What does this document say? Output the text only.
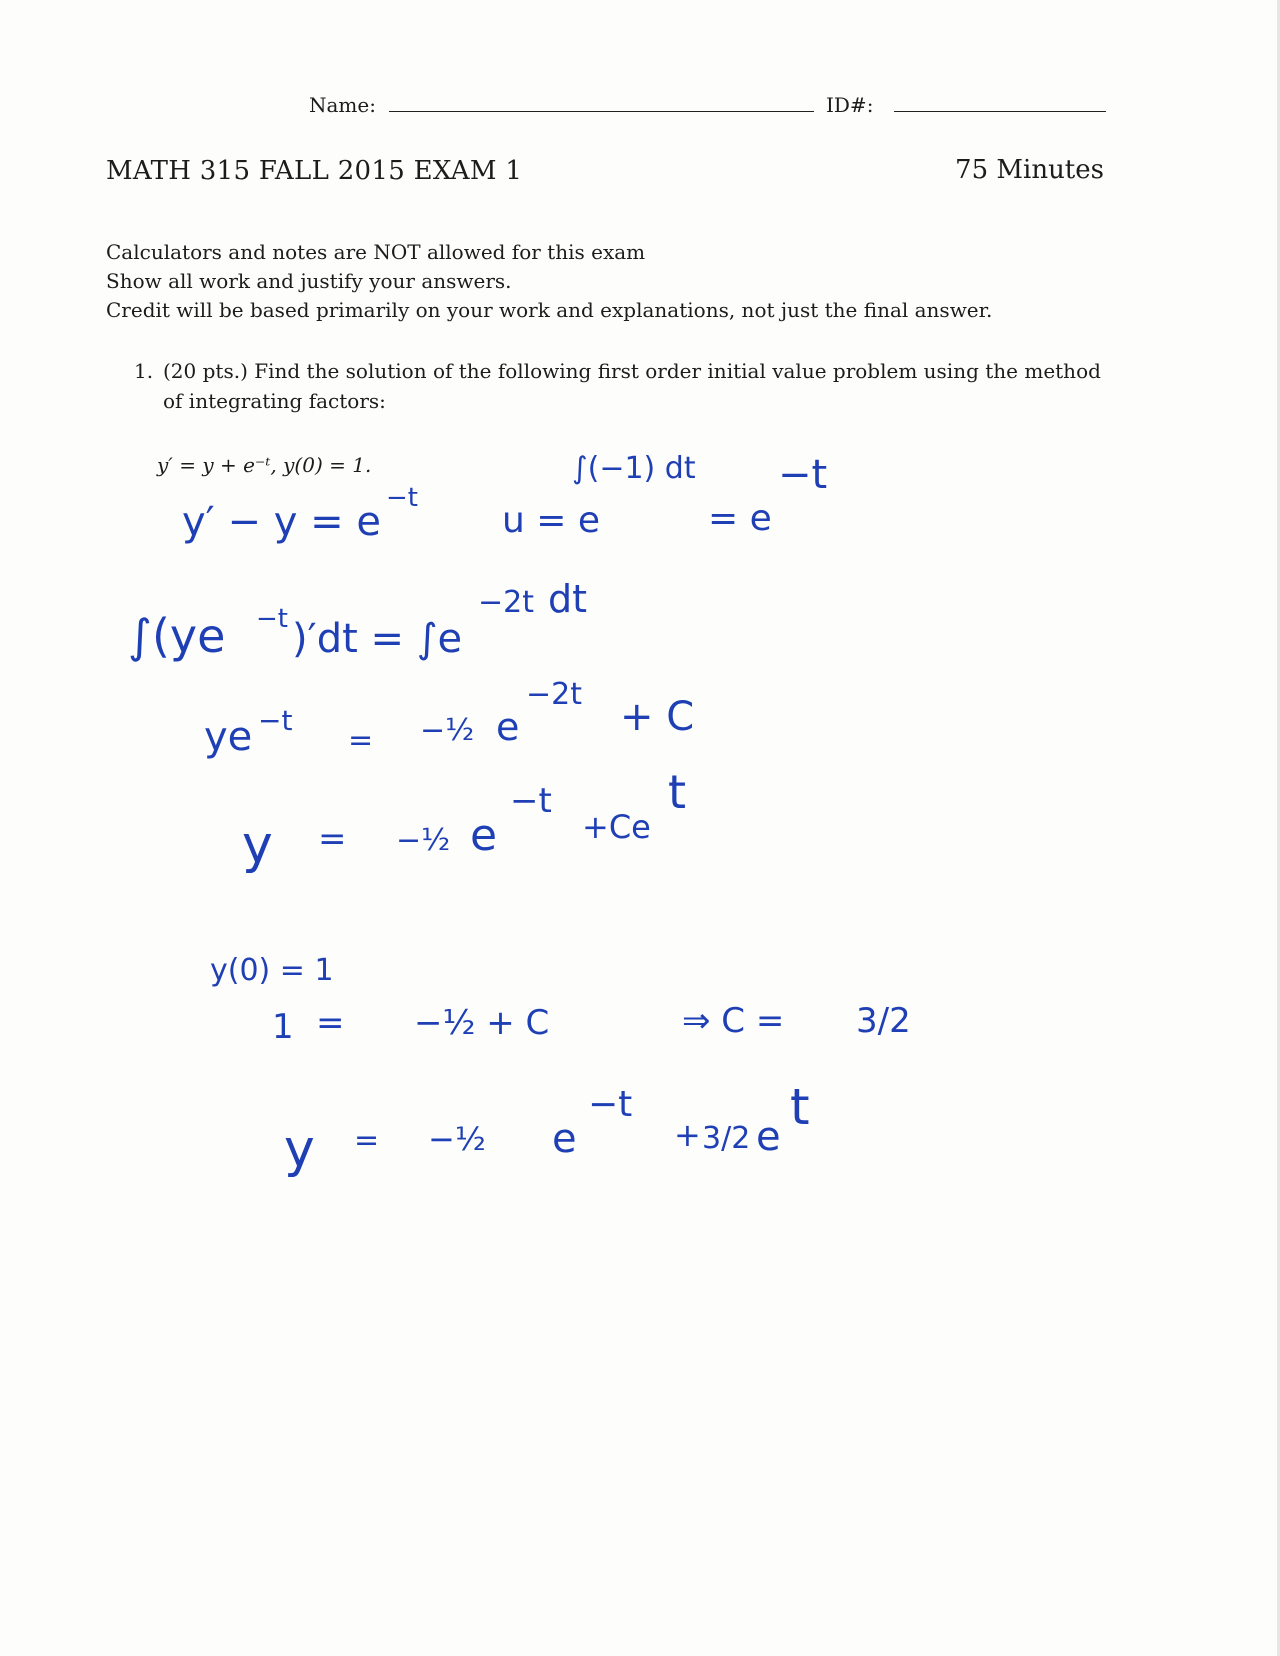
Name:	ID#:
MATH 315 FALL 2015 EXAM 1	75 Minutes
Calculators and notes are NOT allowed for this exam
Show all work and justify your answers.
Credit will be based primarily on your work and explanations, not just the final answer.
1. (20 pts.) Find the solution of the following first order initial value problem using the method of integrating factors:
y′ = y + e⁻ᵗ, y(0) = 1.
y′ − y = e
−t
u = e
∫(−1) dt
= e
−t
∫(ye −t )′dt = ∫e
−2t dt
ye −t
= −½ e
−2t + C
y = −½ e
−t
+Ce
t
y(0) = 1
1 = −½ + C	⇒ C = 3/2
y = −½ e
−t
+ 3/2 e
t
